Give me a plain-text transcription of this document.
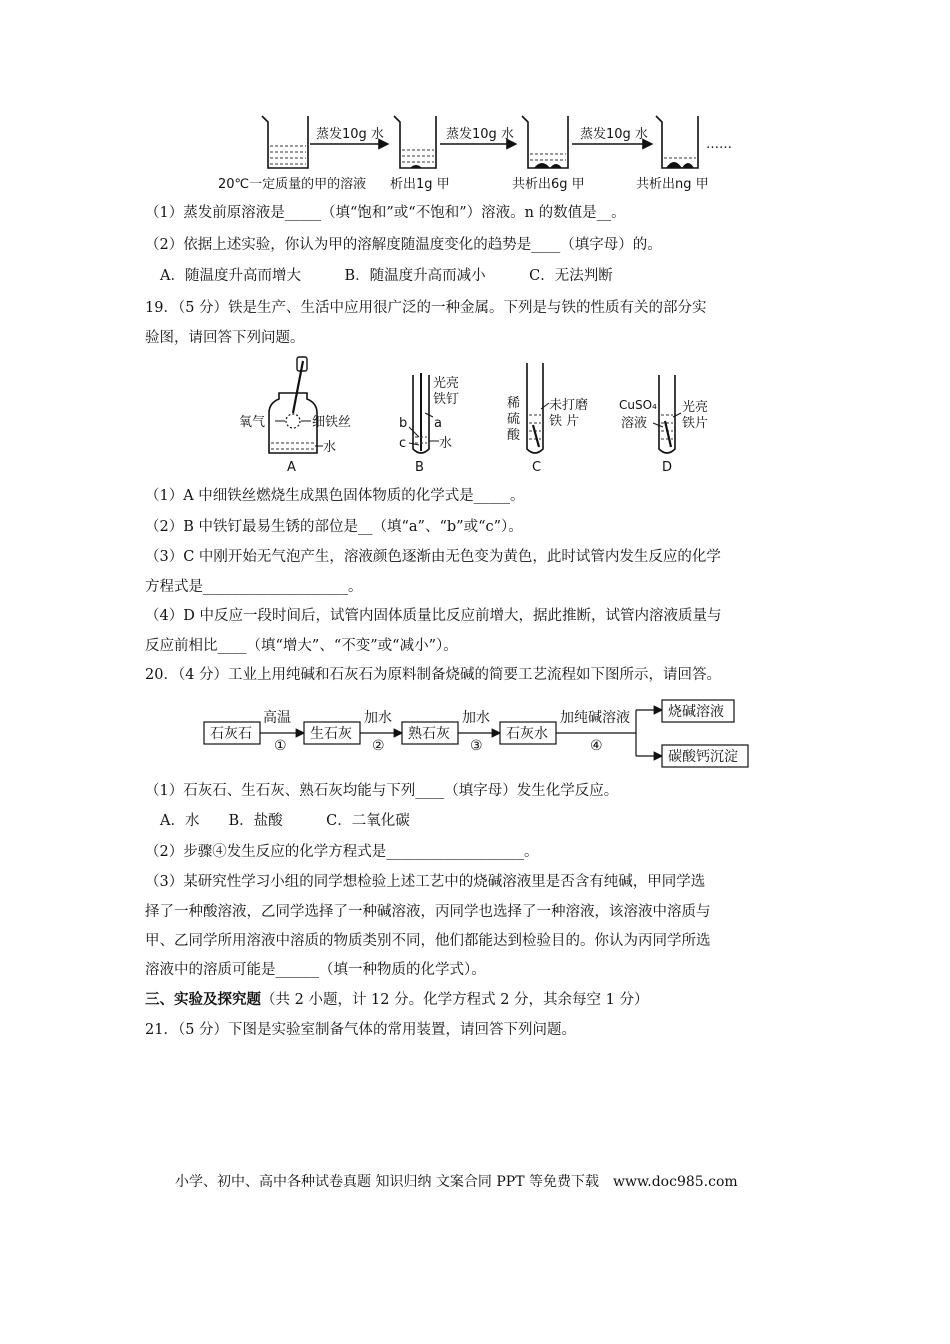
蒸发10g 水	蒸发10g 水	蒸发10g 水
……
20℃一定质量的甲的溶液 析出1g 甲	共析出6g 甲	共析出ng 甲
（1）蒸发前原溶液是_____（填“饱和”或“不饱和”）溶液。n 的数值是__。
（2）依据上述实验，你认为甲的溶解度随温度变化的趋势是____（填字母）的。
A．随温度升高而增大　　　B．随温度升高而减小　　　C．无法判断
19．（5 分）铁是生产、生活中应用很广泛的一种金属。下列是与铁的性质有关的部分实
验图，请回答下列问题。
氧气	细铁丝
水
A
光亮
铁钉
b a
c	水
B
稀
硫
酸
未打磨
铁 片
C
CuSO₄
溶液
光亮
铁片
D
（1）A 中细铁丝燃烧生成黑色固体物质的化学式是_____。
（2）B 中铁钉最易生锈的部位是__（填“a”、“b”或“c”）。
（3）C 中刚开始无气泡产生，溶液颜色逐渐由无色变为黄色，此时试管内发生反应的化学
方程式是____________________。
（4）D 中反应一段时间后，试管内固体质量比反应前增大，据此推断，试管内溶液质量与
反应前相比____（填“增大”、“不变”或“减小”）。
20．（4 分）工业上用纯碱和石灰石为原料制备烧碱的简要工艺流程如下图所示，请回答。
石灰石
高温
①
生石灰
加水
②
熟石灰
加水
③
石灰水
加纯碱溶液
④
烧碱溶液
碳酸钙沉淀
（1）石灰石、生石灰、熟石灰均能与下列____（填字母）发生化学反应。
A．水　　B．盐酸　　　C．二氧化碳
（2）步骤④发生反应的化学方程式是___________________。
（3）某研究性学习小组的同学想检验上述工艺中的烧碱溶液里是否含有纯碱，甲同学选
择了一种酸溶液，乙同学选择了一种碱溶液，丙同学也选择了一种溶液，该溶液中溶质与
甲、乙同学所用溶液中溶质的物质类别不同，他们都能达到检验目的。你认为丙同学所选
溶液中的溶质可能是______（填一种物质的化学式）。
三、实验及探究题（共 2 小题，计 12 分。化学方程式 2 分，其余每空 1 分）
21．（5 分）下图是实验室制备气体的常用装置，请回答下列问题。
小学、初中、高中各种试卷真题 知识归纳 文案合同 PPT 等免费下载　www.doc985.com
